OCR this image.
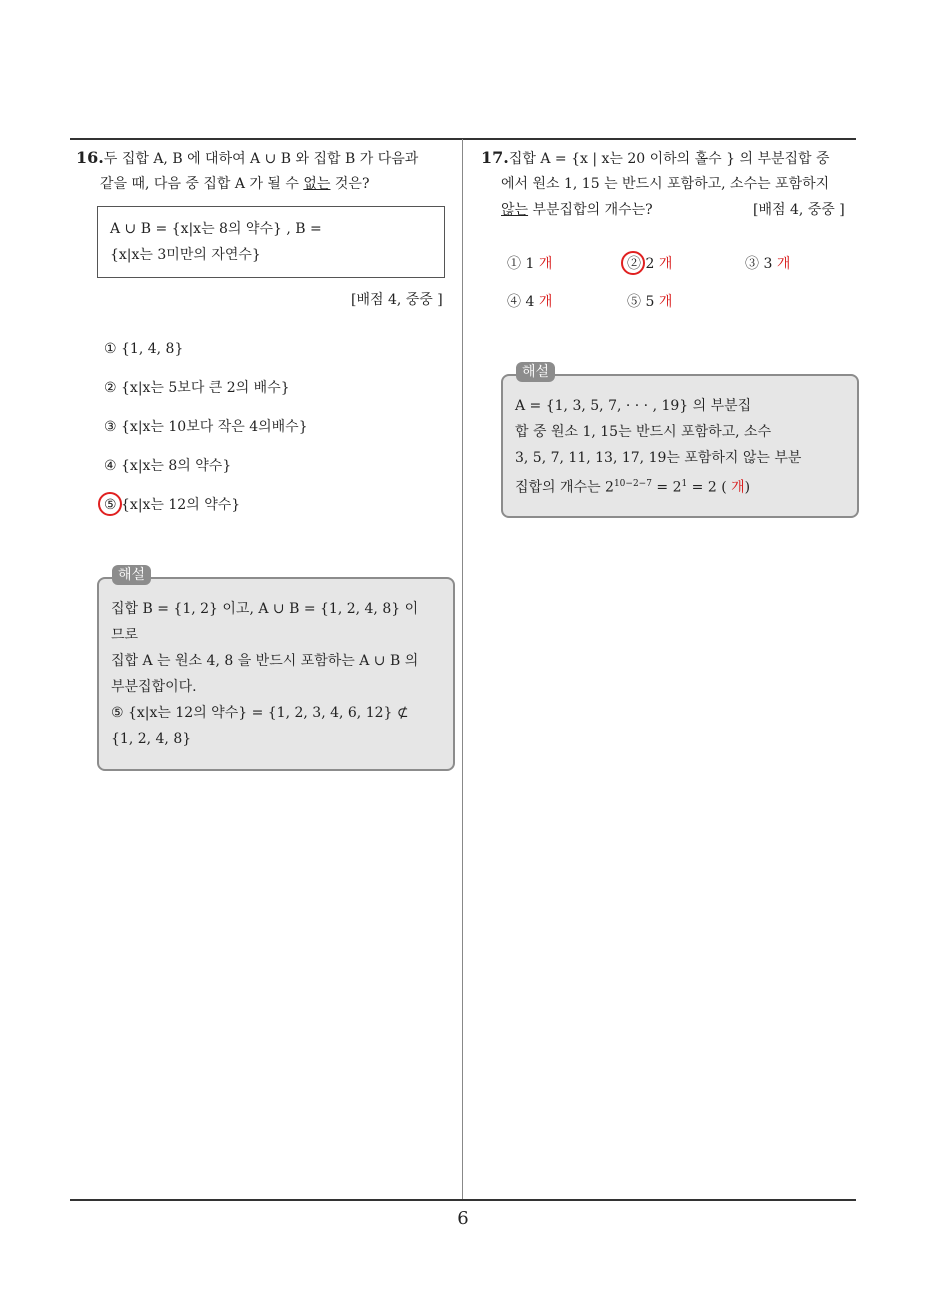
16.두 집합 A, B 에 대하여 A ∪ B 와 집합 B 가 다음과
같을 때, 다음 중 집합 A 가 될 수 없는 것은?
A ∪ B = {x|x는 8의 약수} , B =
{x|x는 3미만의 자연수}
[배점 4, 중중 ]
① {1, 4, 8}
② {x|x는 5보다 큰 2의 배수}
③ {x|x는 10보다 작은 4의배수}
④ {x|x는 8의 약수}
⑤ {x|x는 12의 약수}
집합 B = {1, 2} 이고, A ∪ B = {1, 2, 4, 8} 이
므로
집합 A 는 원소 4, 8 을 반드시 포함하는 A ∪ B 의
부분집합이다.
⑤ {x|x는 12의 약수} = {1, 2, 3, 4, 6, 12} ⊄
{1, 2, 4, 8}
해설
17.집합 A = {x | x는 20 이하의 홀수 } 의 부분집합 중
에서 원소 1, 15 는 반드시 포함하고, 소수는 포함하지
않는 부분집합의 개수는?	[배점 4, 중중 ]
① 1 개	② 2 개	③ 3 개
④ 4 개	⑤ 5 개
A = {1, 3, 5, 7, · · · , 19} 의 부분집
합 중 원소 1, 15는 반드시 포함하고, 소수
3, 5, 7, 11, 13, 17, 19는 포함하지 않는 부분
집합의 개수는 $2^{10-2-7} = 2^1 = 2$ ( 개)
해설
6
